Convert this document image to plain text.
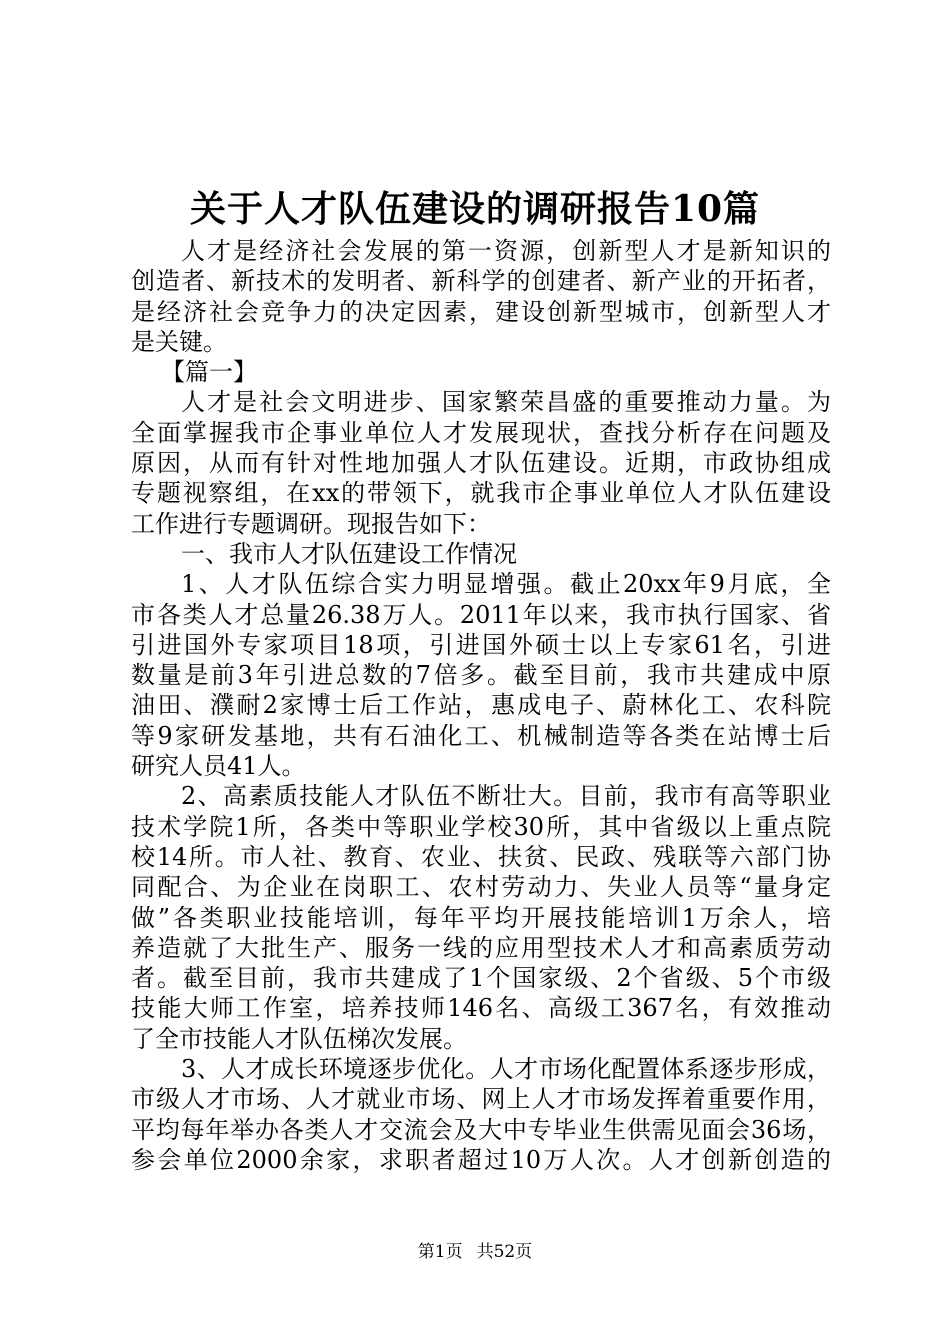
关于人才队伍建设的调研报告10篇
人才是经济社会发展的第一资源，创新型人才是新知识的
创造者、新技术的发明者、新科学的创建者、新产业的开拓者，
是经济社会竞争力的决定因素，建设创新型城市，创新型人才
是关键。
【篇一】
人才是社会文明进步、国家繁荣昌盛的重要推动力量。为
全面掌握我市企事业单位人才发展现状，查找分析存在问题及
原因，从而有针对性地加强人才队伍建设。近期，市政协组成
专题视察组，在xx的带领下，就我市企事业单位人才队伍建设
工作进行专题调研。现报告如下：
一、我市人才队伍建设工作情况
1、人才队伍综合实力明显增强。截止20xx年9月底，全
市各类人才总量26.38万人。2011年以来，我市执行国家、省
引进国外专家项目18项，引进国外硕士以上专家61名，引进
数量是前3年引进总数的7倍多。截至目前，我市共建成中原
油田、濮耐2家博士后工作站，惠成电子、蔚林化工、农科院
等9家研发基地，共有石油化工、机械制造等各类在站博士后
研究人员41人。
2、高素质技能人才队伍不断壮大。目前，我市有高等职业
技术学院1所，各类中等职业学校30所，其中省级以上重点院
校14所。市人社、教育、农业、扶贫、民政、残联等六部门协
同配合、为企业在岗职工、农村劳动力、失业人员等“量身定
做”各类职业技能培训，每年平均开展技能培训1万余人，培
养造就了大批生产、服务一线的应用型技术人才和高素质劳动
者。截至目前，我市共建成了1个国家级、2个省级、5个市级
技能大师工作室，培养技师146名、高级工367名，有效推动
了全市技能人才队伍梯次发展。
3、人才成长环境逐步优化。人才市场化配置体系逐步形成，
市级人才市场、人才就业市场、网上人才市场发挥着重要作用，
平均每年举办各类人才交流会及大中专毕业生供需见面会36场，
参会单位2000余家，求职者超过10万人次。人才创新创造的
第1页 共52页
